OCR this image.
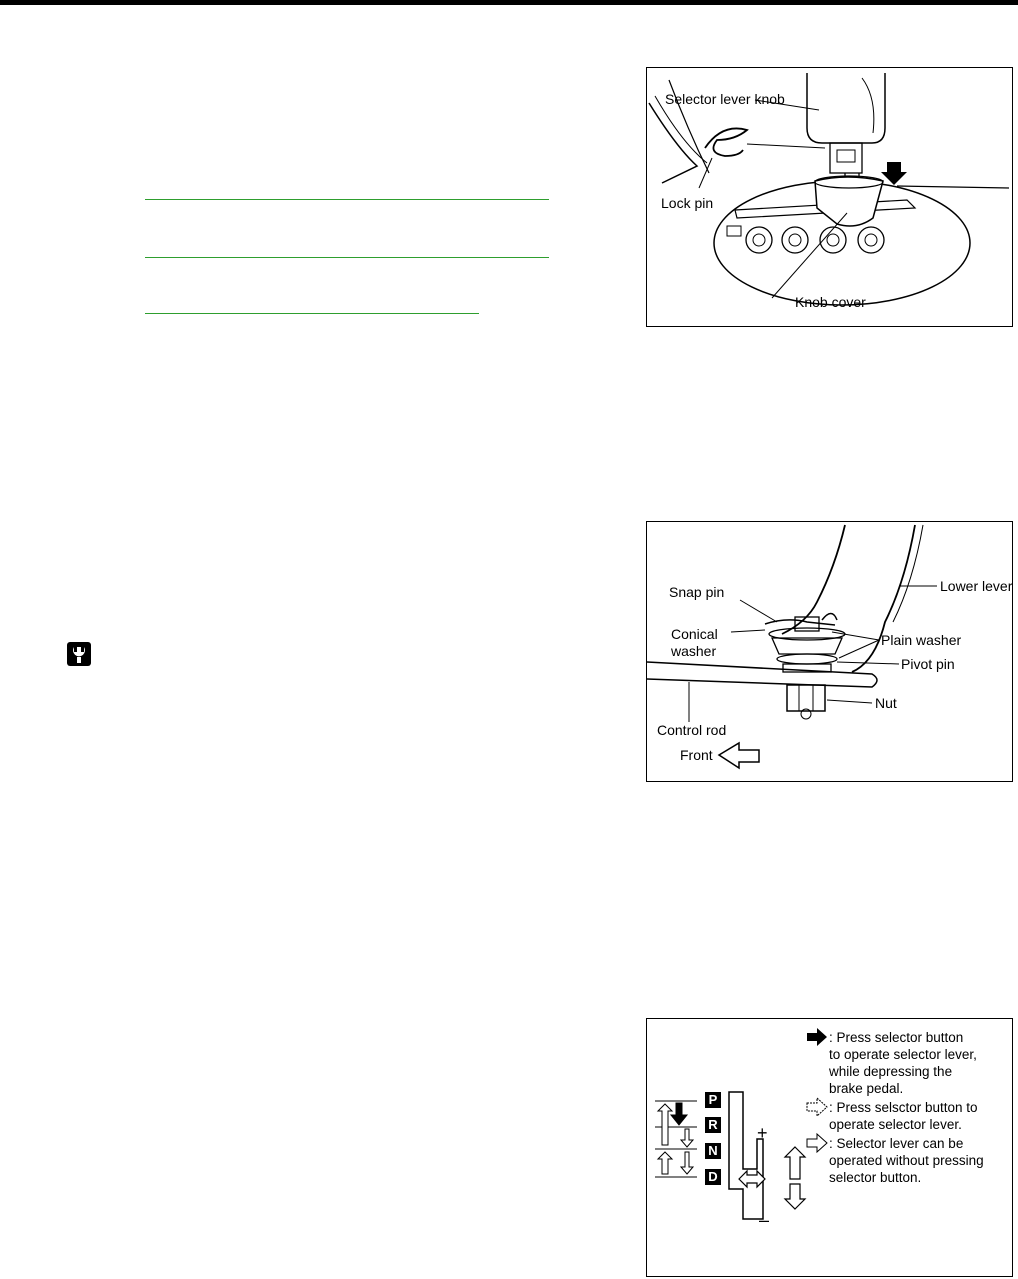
Selector lever knob
Lock pin
Knob cover
Snap pin	Lower lever
Conical
washer
Plain washer
Pivot pin
Nut
Control rod
Front
P
R
N
D
+
–
: Press selector button
to operate selector lever,
while depressing the
brake pedal.
: Press selsctor button to
operate selector lever.
: Selector lever can be
operated without pressing
selector button.
